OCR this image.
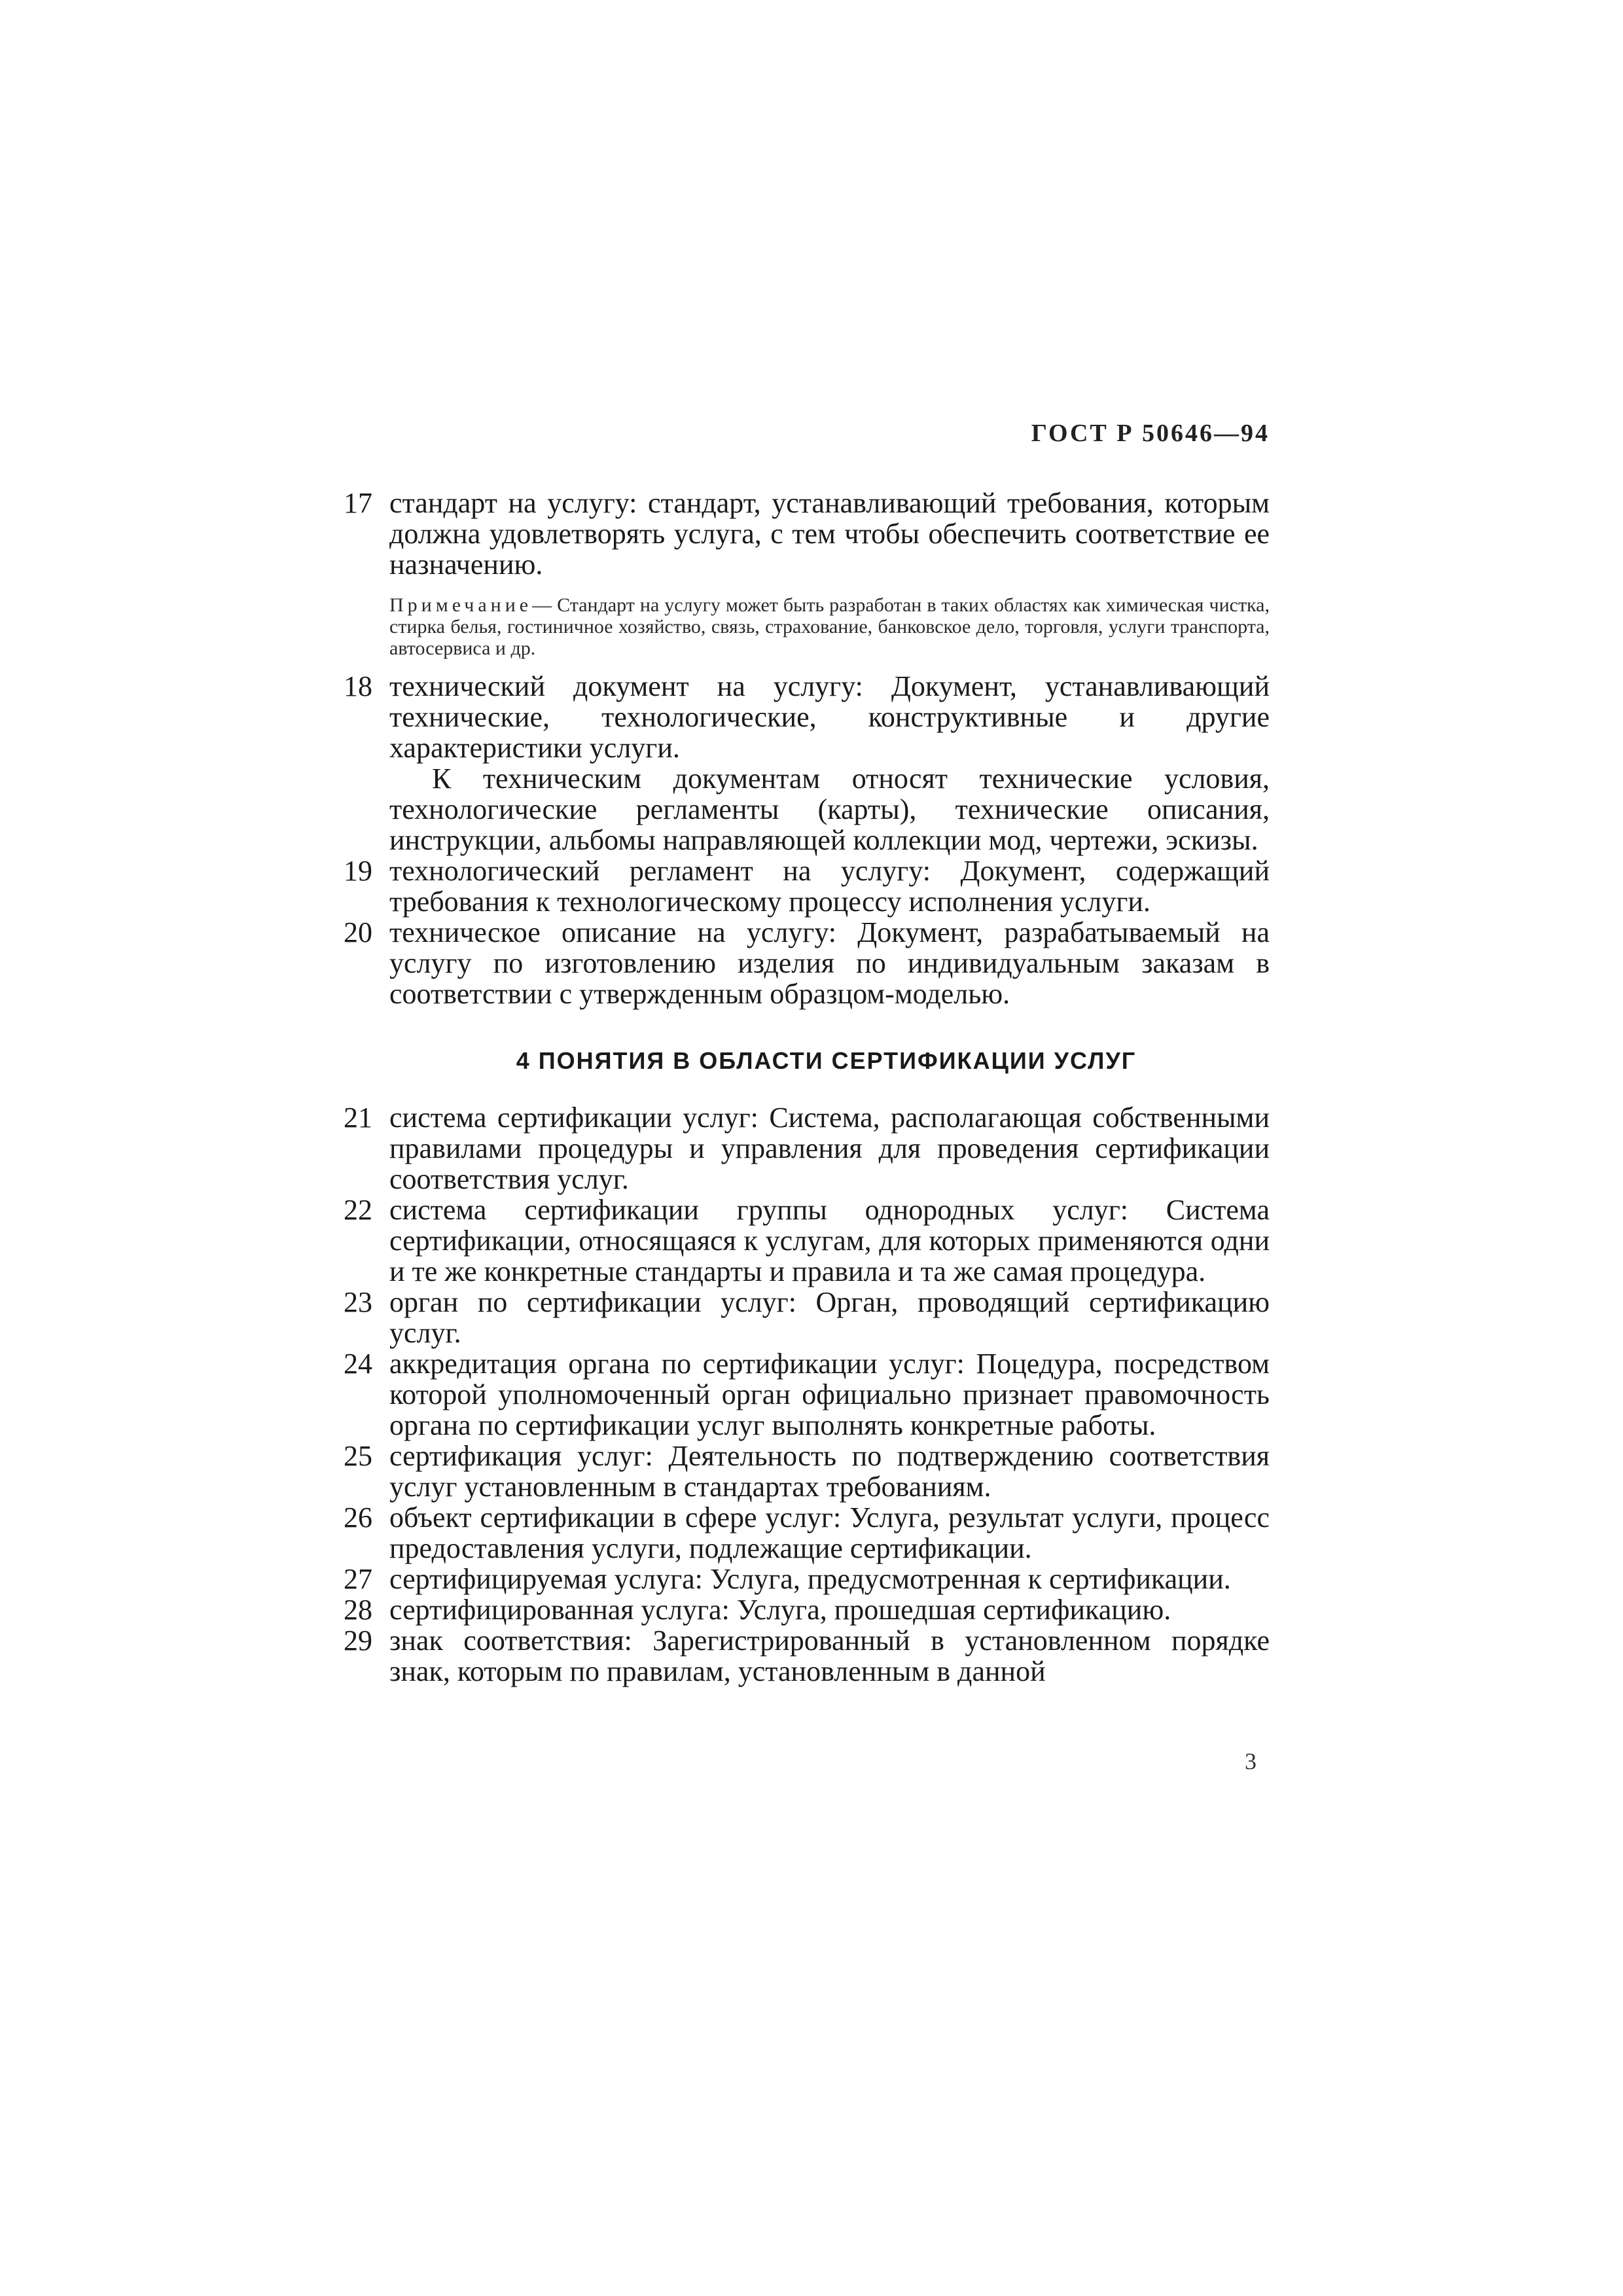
ГОСТ Р 50646—94

17 стандарт на услугу: стандарт, устанавливающий требования, которым должна удовлетворять услуга, с тем чтобы обеспечить соответствие ее назначению.

Примечание— Стандарт на услугу может быть разработан в таких областях как химическая чистка, стирка белья, гостиничное хозяйство, связь, страхование, банковское дело, торговля, услуги транспорта, автосервиса и др.

18 технический документ на услугу: Документ, устанавливающий технические, технологические, конструктивные и другие характеристики услуги.

К техническим документам относят технические условия, технологические регламенты (карты), технические описания, инструкции, альбомы направляющей коллекции мод, чертежи, эскизы.

19 технологический регламент на услугу: Документ, содержащий требования к технологическому процессу исполнения услуги.

20 техническое описание на услугу: Документ, разрабатываемый на услугу по изготовлению изделия по индивидуальным заказам в соответствии с утвержденным образцом-моделью.

4 ПОНЯТИЯ В ОБЛАСТИ СЕРТИФИКАЦИИ УСЛУГ

21 система сертификации услуг: Система, располагающая собственными правилами процедуры и управления для проведения сертификации соответствия услуг.

22 система сертификации группы однородных услуг: Система сертификации, относящаяся к услугам, для которых применяются одни и те же конкретные стандарты и правила и та же самая процедура.

23 орган по сертификации услуг: Орган, проводящий сертификацию услуг.

24 аккредитация органа по сертификации услуг: Поцедура, посредством которой уполномоченный орган официально признает правомочность органа по сертификации услуг выполнять конкретные работы.

25 сертификация услуг: Деятельность по подтверждению соответствия услуг установленным в стандартах требованиям.

26 объект сертификации в сфере услуг: Услуга, результат услуги, процесс предоставления услуги, подлежащие сертификации.

27 сертифицируемая услуга: Услуга, предусмотренная к сертификации.

28 сертифицированная услуга: Услуга, прошедшая сертификацию.

29 знак соответствия: Зарегистрированный в установленном порядке знак, которым по правилам, установленным в данной

3
